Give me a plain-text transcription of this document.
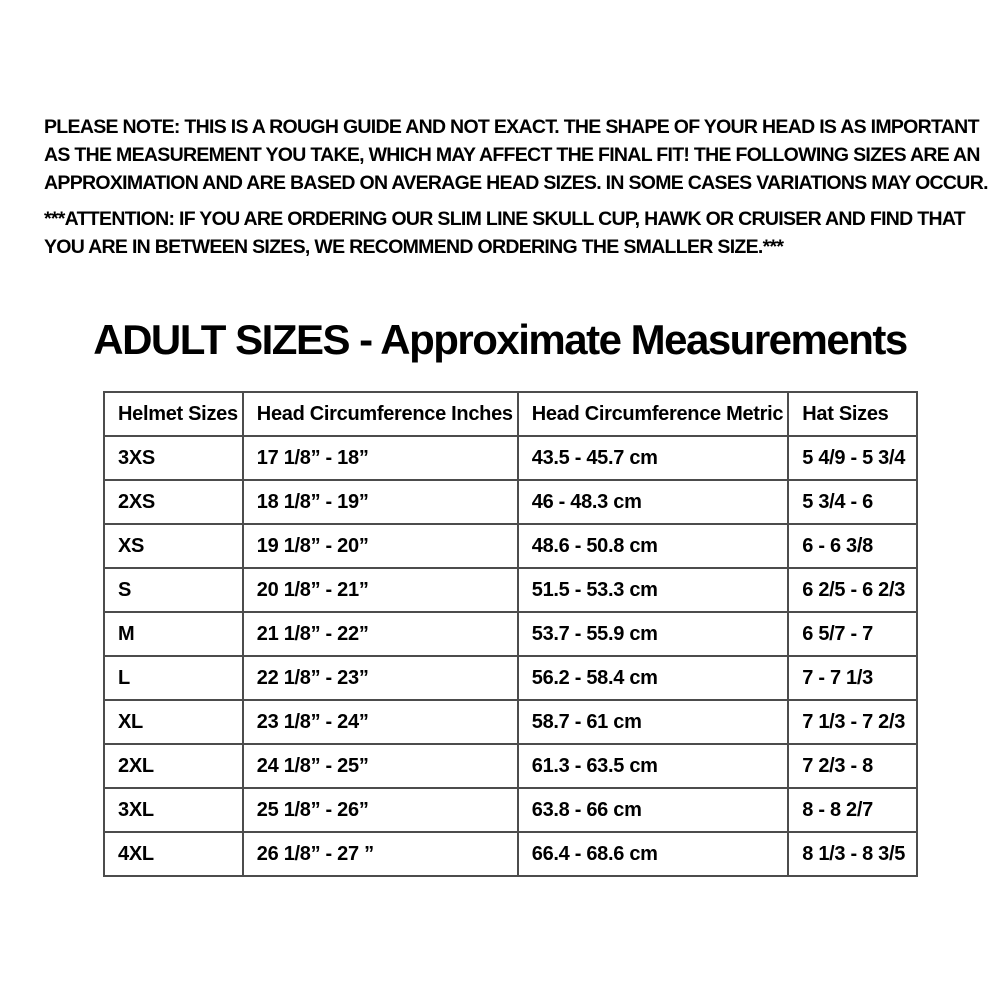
PLEASE NOTE: THIS IS A ROUGH GUIDE AND NOT EXACT. THE SHAPE OF YOUR HEAD IS AS IMPORTANT
AS THE MEASUREMENT YOU TAKE, WHICH MAY AFFECT THE FINAL FIT! THE FOLLOWING SIZES ARE AN
APPROXIMATION AND ARE BASED ON AVERAGE HEAD SIZES. IN SOME CASES VARIATIONS MAY OCCUR.
***ATTENTION: IF YOU ARE ORDERING OUR SLIM LINE SKULL CUP, HAWK OR CRUISER AND FIND THAT
YOU ARE IN BETWEEN SIZES, WE RECOMMEND ORDERING THE SMALLER SIZE.***
ADULT SIZES - Approximate Measurements
Helmet Sizes	Head Circumference Inches	Head Circumference Metric	Hat Sizes
3XS	17 1/8” - 18”	43.5 - 45.7 cm	5 4/9 - 5 3/4
2XS	18 1/8” - 19”	46 - 48.3 cm	5 3/4 - 6
XS	19 1/8” - 20”	48.6 - 50.8 cm	6 - 6 3/8
S	20 1/8” - 21”	51.5 - 53.3 cm	6 2/5 - 6 2/3
M	21 1/8” - 22”	53.7 - 55.9 cm	6 5/7 - 7
L	22 1/8” - 23”	56.2 - 58.4 cm	7 - 7 1/3
XL	23 1/8” - 24”	58.7 - 61 cm	7 1/3 - 7 2/3
2XL	24 1/8” - 25”	61.3 - 63.5 cm	7 2/3 - 8
3XL	25 1/8” - 26”	63.8 - 66 cm	8 - 8 2/7
4XL	26 1/8” - 27 ”	66.4 - 68.6 cm	8 1/3 - 8 3/5
